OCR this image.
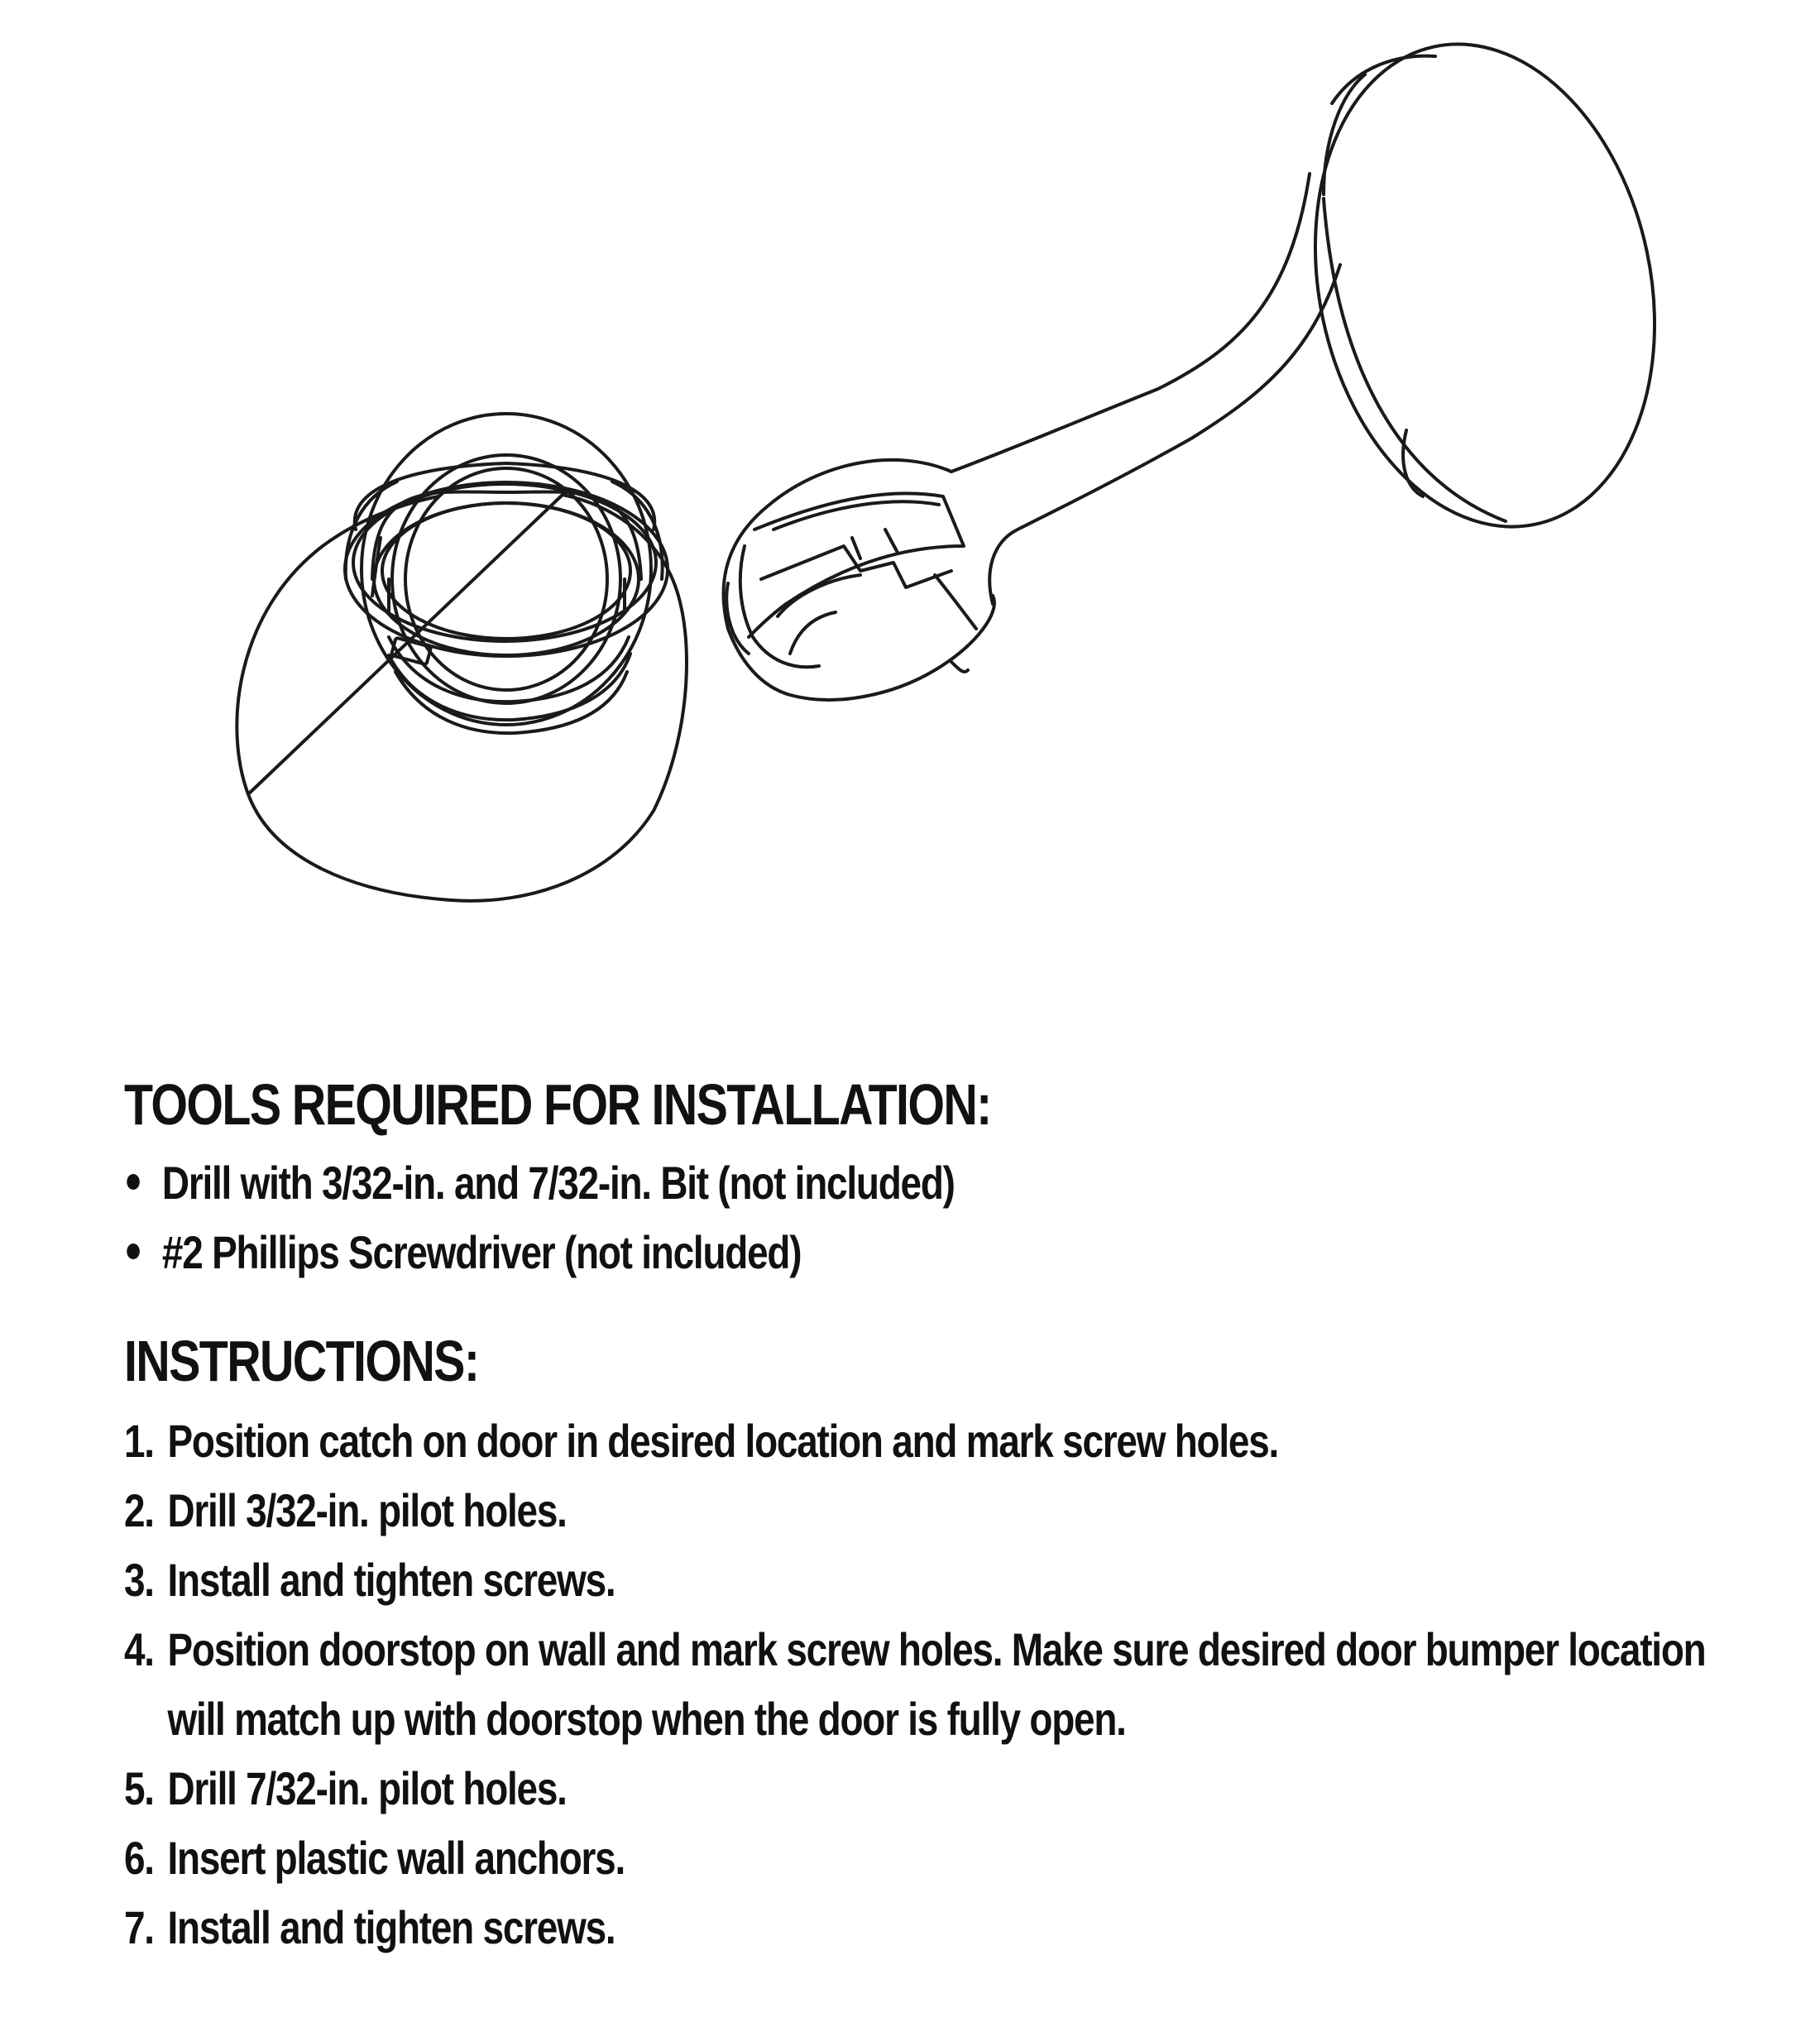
TOOLS REQUIRED FOR INSTALLATION:
Drill with 3/32-in. and 7/32-in. Bit (not included)
#2 Phillips Screwdriver (not included)
INSTRUCTIONS:
1. Position catch on door in desired location and mark screw holes.
2. Drill 3/32-in. pilot holes.
3. Install and tighten screws.
4. Position doorstop on wall and mark screw holes. Make sure desired door bumper location will match up with doorstop when the door is fully open.
5. Drill 7/32-in. pilot holes.
6. Insert plastic wall anchors.
7. Install and tighten screws.
